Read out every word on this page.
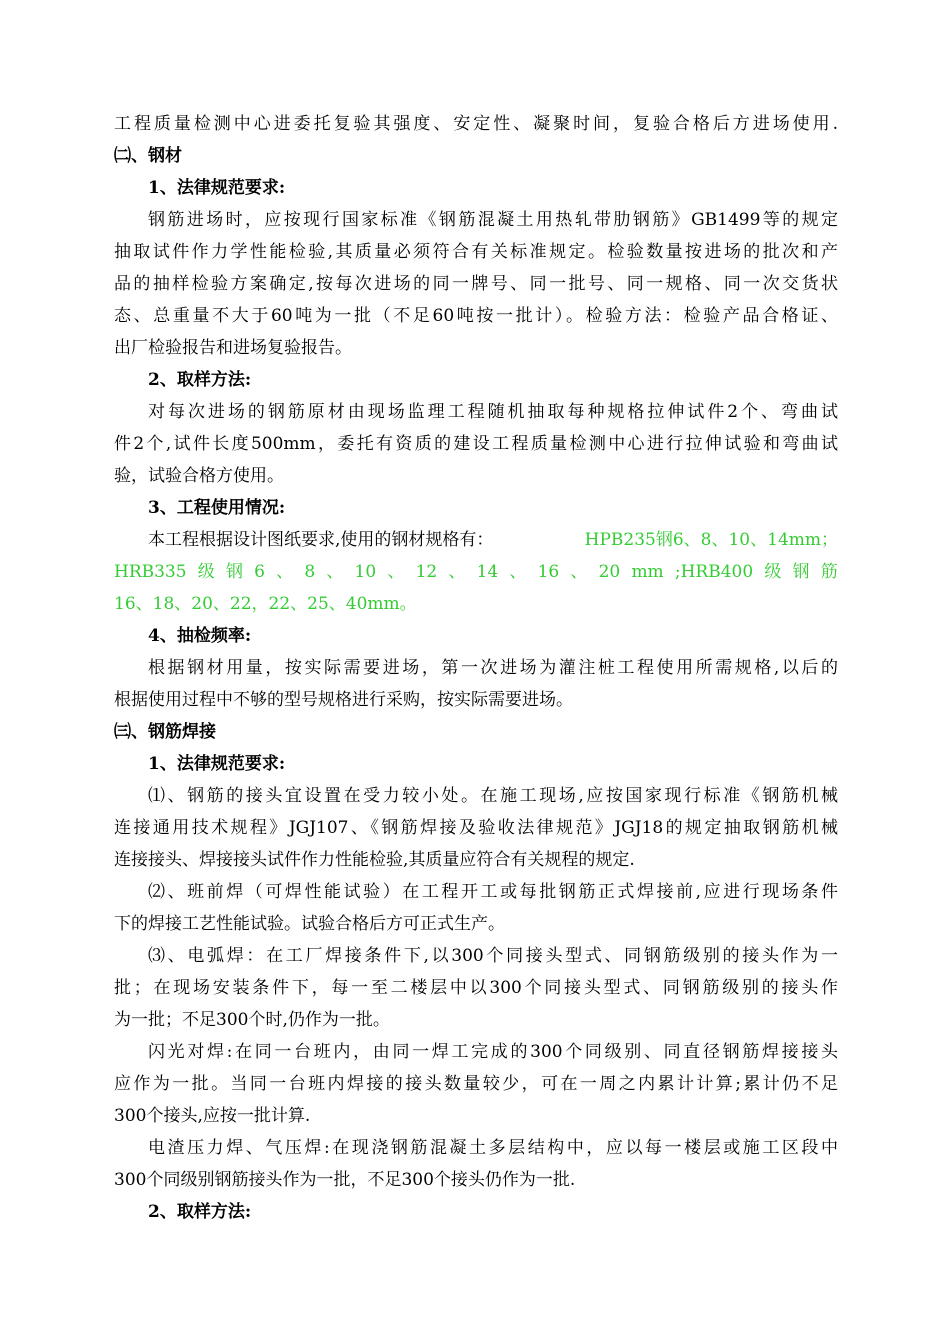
工程质量检测中心进委托复验其强度、安定性、凝聚时间，复验合格后方进场使用.
㈡、钢材
1、法律规范要求:
钢筋进场时，应按现行国家标准《钢筋混凝土用热轧带肋钢筋》GB1499等的规定
抽取试件作力学性能检验,其质量必须符合有关标准规定。检验数量按进场的批次和产
品的抽样检验方案确定,按每次进场的同一牌号、同一批号、同一规格、同一次交货状
态、总重量不大于60吨为一批（不足60吨按一批计）。检验方法：检验产品合格证、
出厂检验报告和进场复验报告。
2、取样方法:
对每次进场的钢筋原材由现场监理工程随机抽取每种规格拉伸试件2个、弯曲试
件2个,试件长度500mm，委托有资质的建设工程质量检测中心进行拉伸试验和弯曲试
验，试验合格方使用。
3、工程使用情况:
本工程根据设计图纸要求,使用的钢材规格有：	HPB235钢6、8、10、14mm；
HRB335 级 钢 6 、 8 、 10 、 12 、 14 、 16 、 20 mm ;HRB400 级 钢 筋
16、18、20、22，22、25、40mm。
4、抽检频率:
根据钢材用量，按实际需要进场，第一次进场为灌注桩工程使用所需规格,以后的
根据使用过程中不够的型号规格进行采购，按实际需要进场。
㈢、钢筋焊接
1、法律规范要求:
⑴、钢筋的接头宜设置在受力较小处。在施工现场,应按国家现行标准《钢筋机械
连接通用技术规程》JGJ107、《钢筋焊接及验收法律规范》JGJ18的规定抽取钢筋机械
连接接头、焊接接头试件作力性能检验,其质量应符合有关规程的规定.
⑵、班前焊（可焊性能试验）在工程开工或每批钢筋正式焊接前,应进行现场条件
下的焊接工艺性能试验。试验合格后方可正式生产。
⑶、电弧焊：在工厂焊接条件下,以300个同接头型式、同钢筋级别的接头作为一
批；在现场安装条件下，每一至二楼层中以300个同接头型式、同钢筋级别的接头作
为一批；不足300个时,仍作为一批。
闪光对焊:在同一台班内，由同一焊工完成的300个同级别、同直径钢筋焊接接头
应作为一批。当同一台班内焊接的接头数量较少，可在一周之内累计计算;累计仍不足
300个接头,应按一批计算.
电渣压力焊、气压焊:在现浇钢筋混凝土多层结构中，应以每一楼层或施工区段中
300个同级别钢筋接头作为一批，不足300个接头仍作为一批.
2、取样方法:
